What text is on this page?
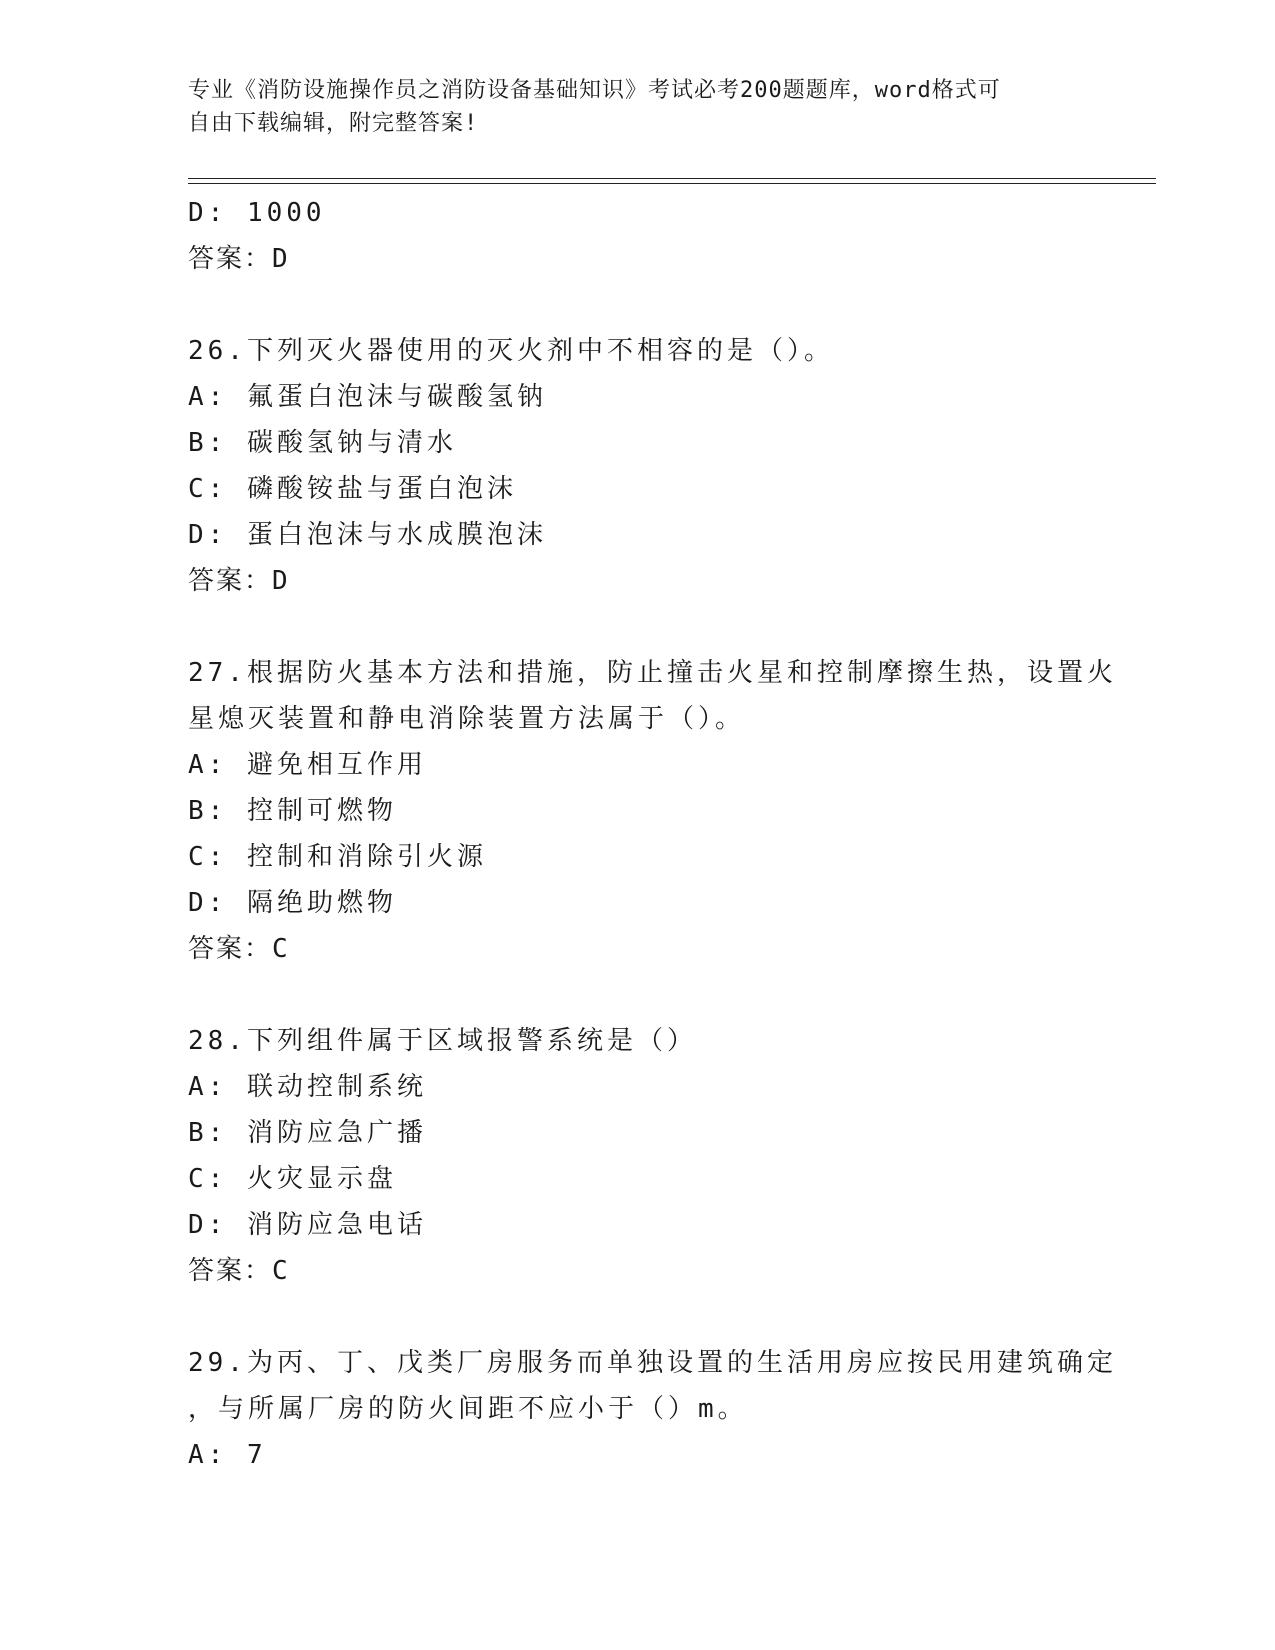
专业《消防设施操作员之消防设备基础知识》考试必考200题题库，word格式可
自由下载编辑，附完整答案!
D: 1000
答案：D
26.下列灭火器使用的灭火剂中不相容的是（）。
A: 氟蛋白泡沫与碳酸氢钠
B: 碳酸氢钠与清水
C: 磷酸铵盐与蛋白泡沫
D: 蛋白泡沫与水成膜泡沫
答案：D
27.根据防火基本方法和措施，防止撞击火星和控制摩擦生热，设置火
星熄灭装置和静电消除装置方法属于（）。
A: 避免相互作用
B: 控制可燃物
C: 控制和消除引火源
D: 隔绝助燃物
答案：C
28.下列组件属于区域报警系统是（）
A: 联动控制系统
B: 消防应急广播
C: 火灾显示盘
D: 消防应急电话
答案：C
29.为丙、丁、戊类厂房服务而单独设置的生活用房应按民用建筑确定
，与所属厂房的防火间距不应小于（）m。
A: 7
